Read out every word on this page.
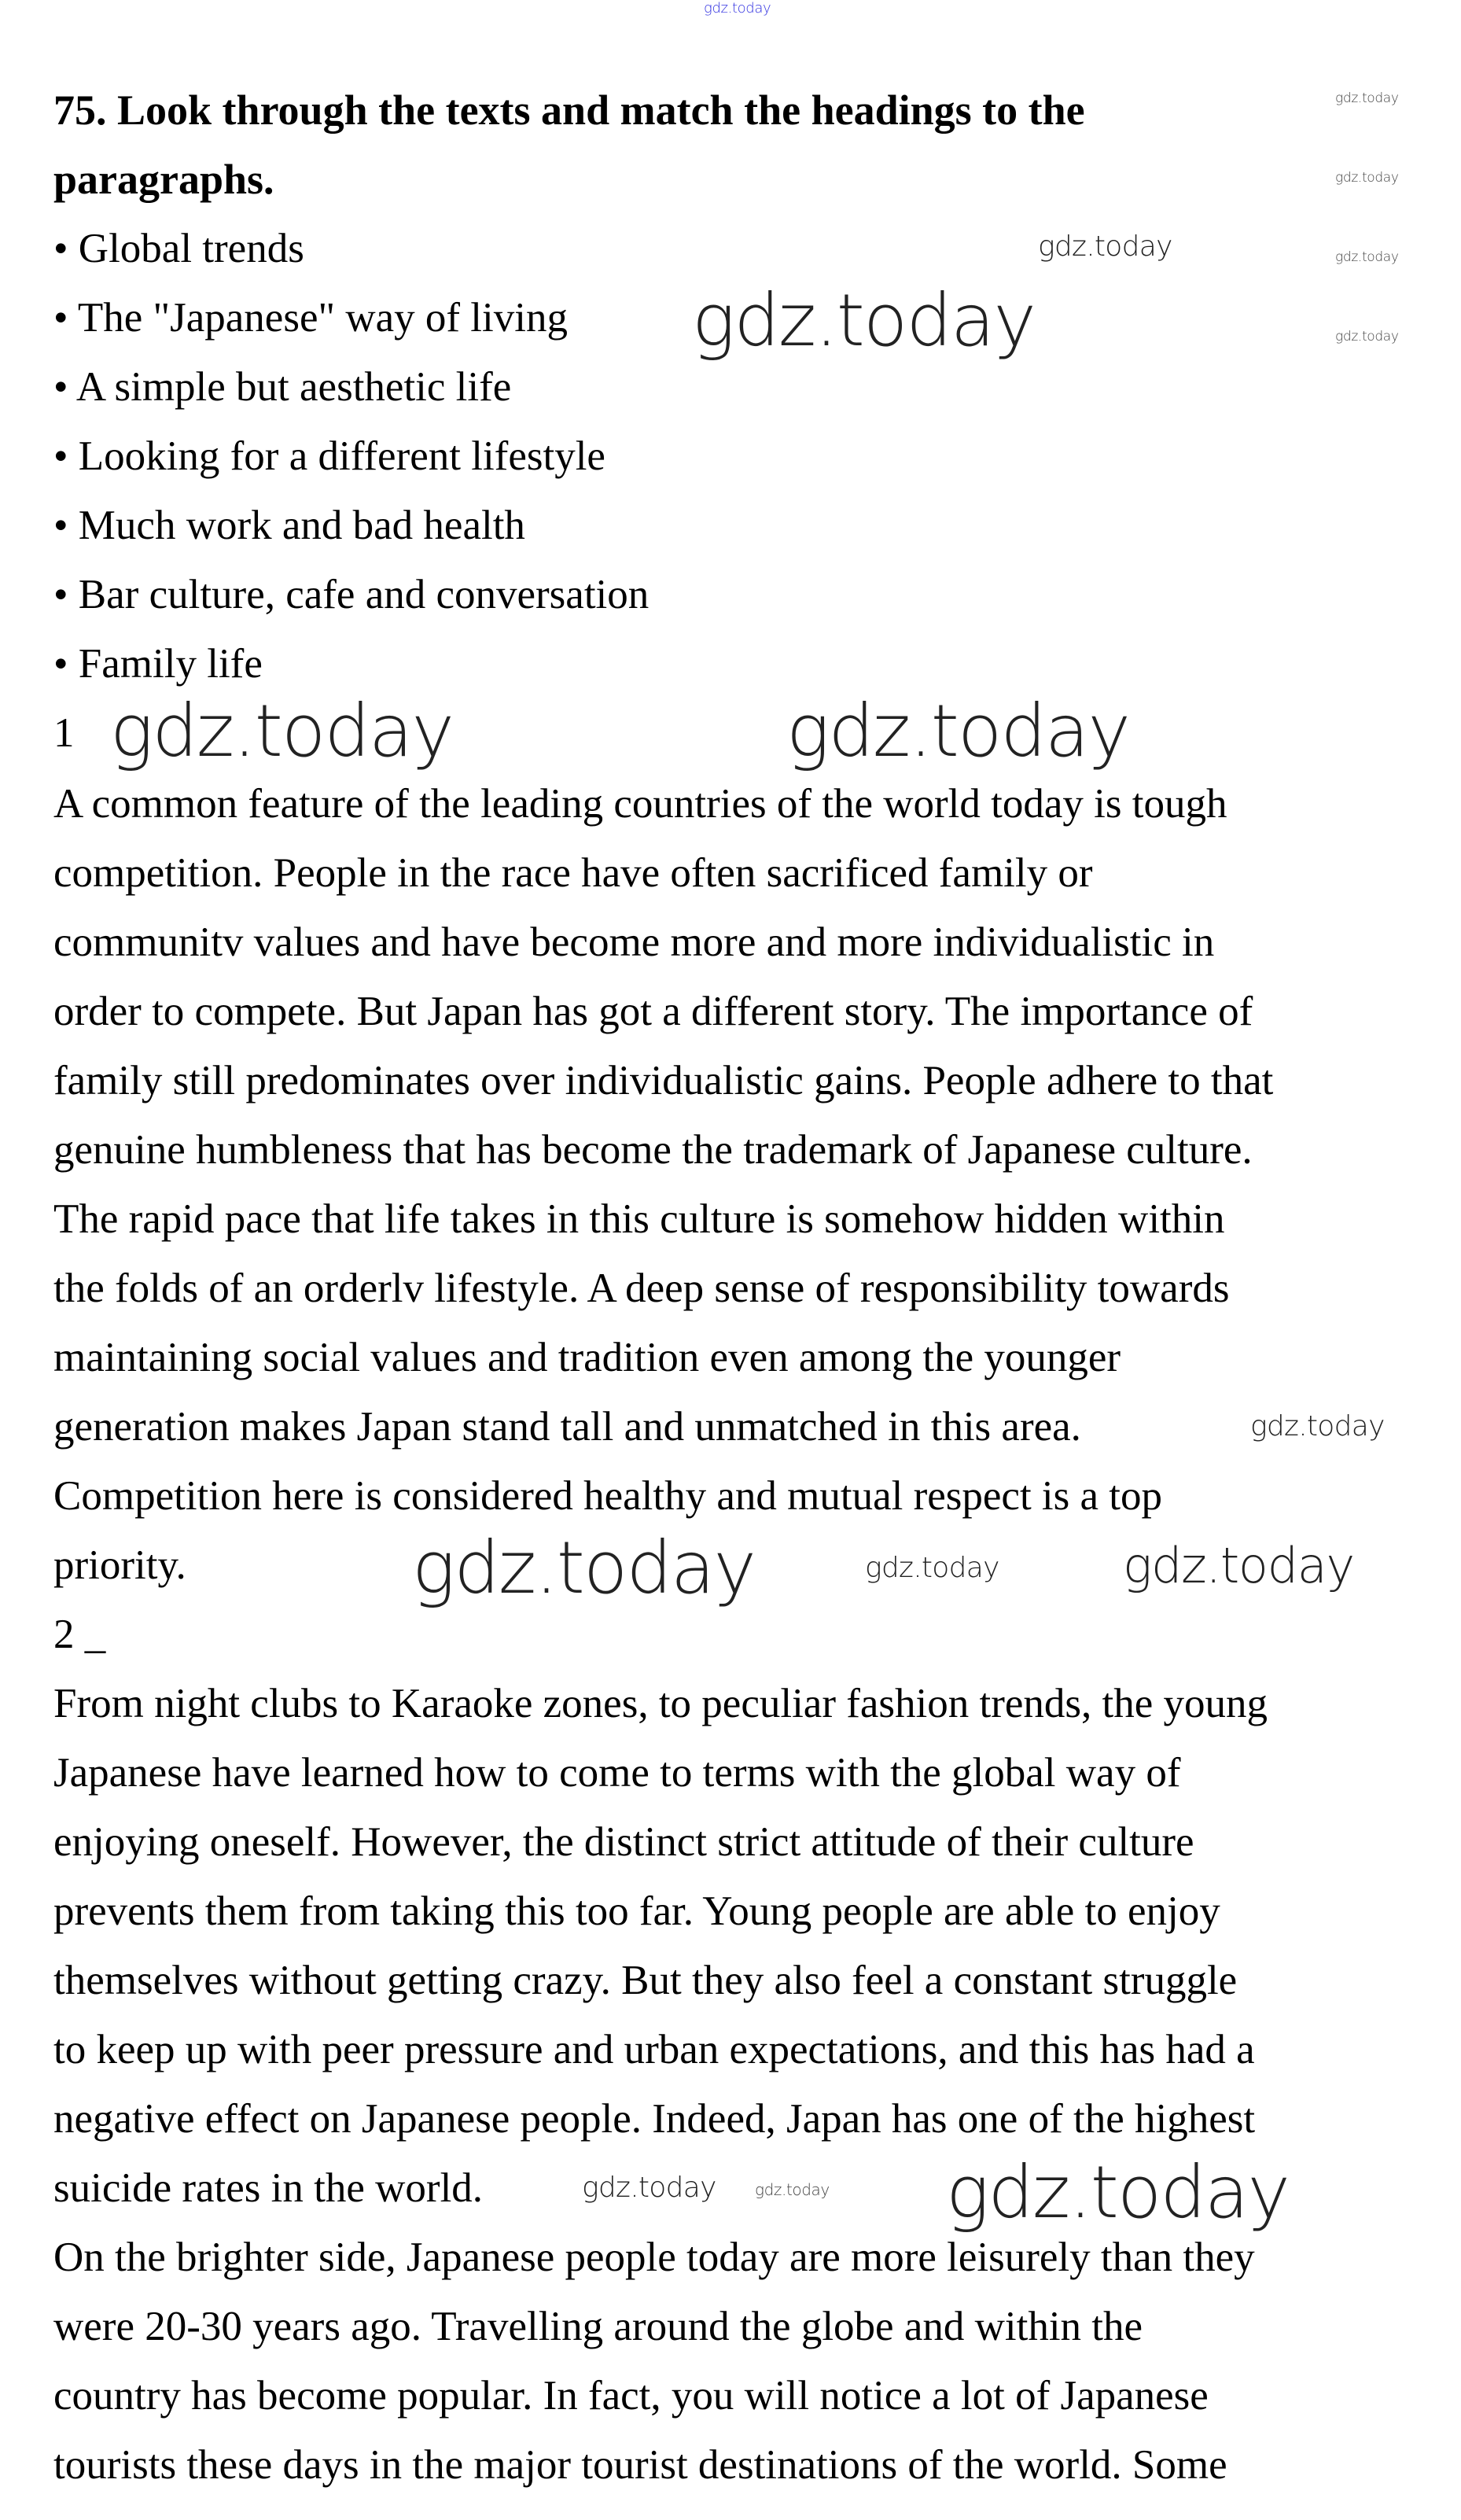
75. Look through the texts and match the headings to the
paragraphs.
• Global trends
• The "Japanese" way of living
• A simple but aesthetic life
• Looking for a different lifestyle
• Much work and bad health
• Bar culture, cafe and conversation
• Family life
1
A common feature of the leading countries of the world today is tough
competition. People in the race have often sacrificed family or
communitv values and have become more and more individualistic in
order to compete. But Japan has got a different story. The importance of
family still predominates over individualistic gains. People adhere to that
genuine humbleness that has become the trademark of Japanese culture.
The rapid pace that life takes in this culture is somehow hidden within
the folds of an orderlv lifestyle. A deep sense of responsibility towards
maintaining social values and tradition even among the younger
generation makes Japan stand tall and unmatched in this area.
Competition here is considered healthy and mutual respect is a top
priority.
2 _
From night clubs to Karaoke zones, to peculiar fashion trends, the young
Japanese have learned how to come to terms with the global way of
enjoying oneself. However, the distinct strict attitude of their culture
prevents them from taking this too far. Young people are able to enjoy
themselves without getting crazy. But they also feel a constant struggle
to keep up with peer pressure and urban expectations, and this has had a
negative effect on Japanese people. Indeed, Japan has one of the highest
suicide rates in the world.
On the brighter side, Japanese people today are more leisurely than they
were 20-30 years ago. Travelling around the globe and within the
country has become popular. In fact, you will notice a lot of Japanese
tourists these days in the major tourist destinations of the world. Some
gdz.today
gdz.today
gdz.today
gdz.today
gdz.today
gdz.today
gdz.today
gdz.today	gdz.today
gdz.today
gdz.today	gdz.today
gdz.today
gdz.today gdz.today gdz.today
